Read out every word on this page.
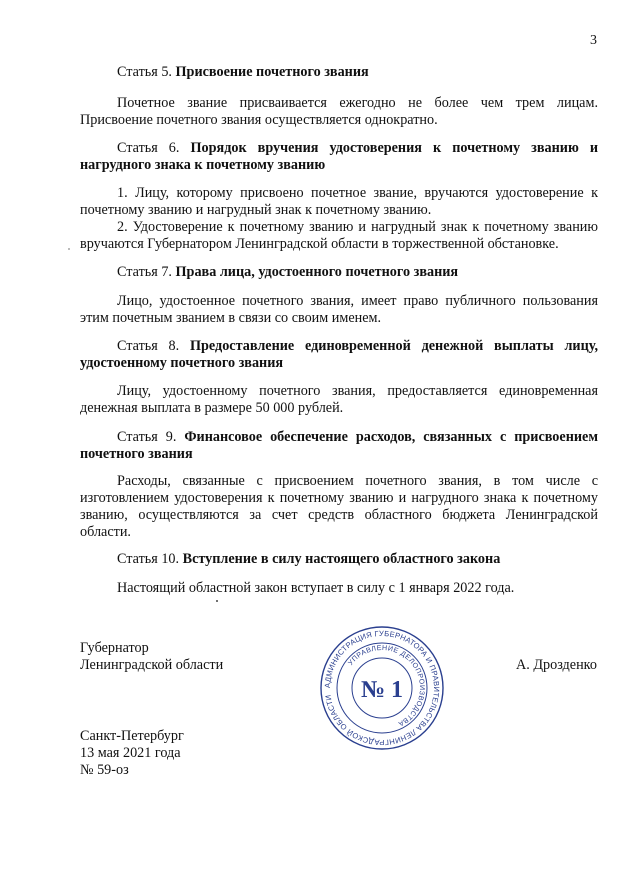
3

Статья 5. Присвоение почетного звания

Почетное звание присваивается ежегодно не более чем трем лицам. Присвоение почетного звания осуществляется однократно.

Статья 6. Порядок вручения удостоверения к почетному званию и нагрудного знака к почетному званию

1. Лицу, которому присвоено почетное звание, вручаются удостоверение к почетному званию и нагрудный знак к почетному званию.

2. Удостоверение к почетному званию и нагрудный знак к почетному званию вручаются Губернатором Ленинградской области в торжественной обстановке.

Статья 7. Права лица, удостоенного почетного звания

Лицо, удостоенное почетного звания, имеет право публичного пользования этим почетным званием в связи со своим именем.

Статья 8. Предоставление единовременной денежной выплаты лицу, удостоенному почетного звания

Лицу, удостоенному почетного звания, предоставляется единовременная денежная выплата в размере 50 000 рублей.

Статья 9. Финансовое обеспечение расходов, связанных с присвоением почетного звания

Расходы, связанные с присвоением почетного звания, в том числе с изготовлением удостоверения к почетному званию и нагрудного знака к почетному званию, осуществляются за счет средств областного бюджета Ленинградской области.

Статья 10. Вступление в силу настоящего областного закона

Настоящий областной закон вступает в силу с 1 января 2022 года.

Губернатор
Ленинградской области	А. Дрозденко
Санкт-Петербург
13 мая 2021 года
№ 59-оз
АДМИНИСТРАЦИЯ ГУБЕРНАТОРА И ПРАВИТЕЛЬСТВА ЛЕНИНГРАДСКОЙ ОБЛАСТИ
УПРАВЛЕНИЕ ДЕЛОПРОИЗВОДСТВА
№ 1
